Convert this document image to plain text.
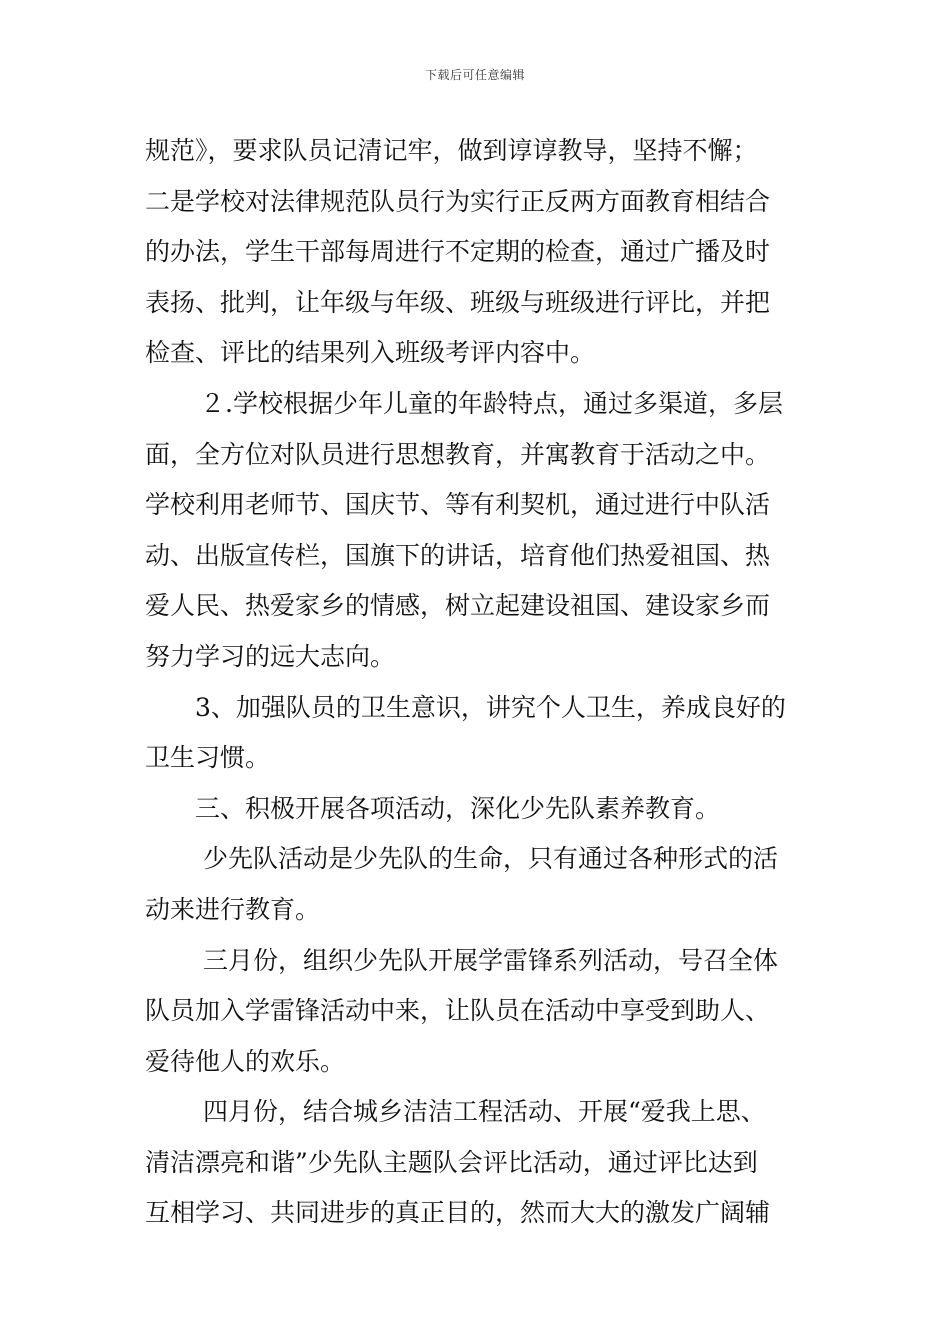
下载后可任意编辑
规范》，要求队员记清记牢，做到谆谆教导，坚持不懈；
二是学校对法律规范队员行为实行正反两方面教育相结合
的办法，学生干部每周进行不定期的检查，通过广播及时
表扬、批判，让年级与年级、班级与班级进行评比，并把
检查、评比的结果列入班级考评内容中。
２.学校根据少年儿童的年龄特点，通过多渠道，多层
面，全方位对队员进行思想教育，并寓教育于活动之中。
学校利用老师节、国庆节、等有利契机，通过进行中队活
动、出版宣传栏，国旗下的讲话，培育他们热爱祖国、热
爱人民、热爱家乡的情感，树立起建设祖国、建设家乡而
努力学习的远大志向。
3、加强队员的卫生意识，讲究个人卫生，养成良好的
卫生习惯。
三、积极开展各项活动，深化少先队素养教育。
少先队活动是少先队的生命，只有通过各种形式的活
动来进行教育。
三月份，组织少先队开展学雷锋系列活动，号召全体
队员加入学雷锋活动中来，让队员在活动中享受到助人、
爱待他人的欢乐。
四月份，结合城乡洁洁工程活动、开展“爱我上思、
清洁漂亮和谐”少先队主题队会评比活动，通过评比达到
互相学习、共同进步的真正目的，然而大大的激发广阔辅
